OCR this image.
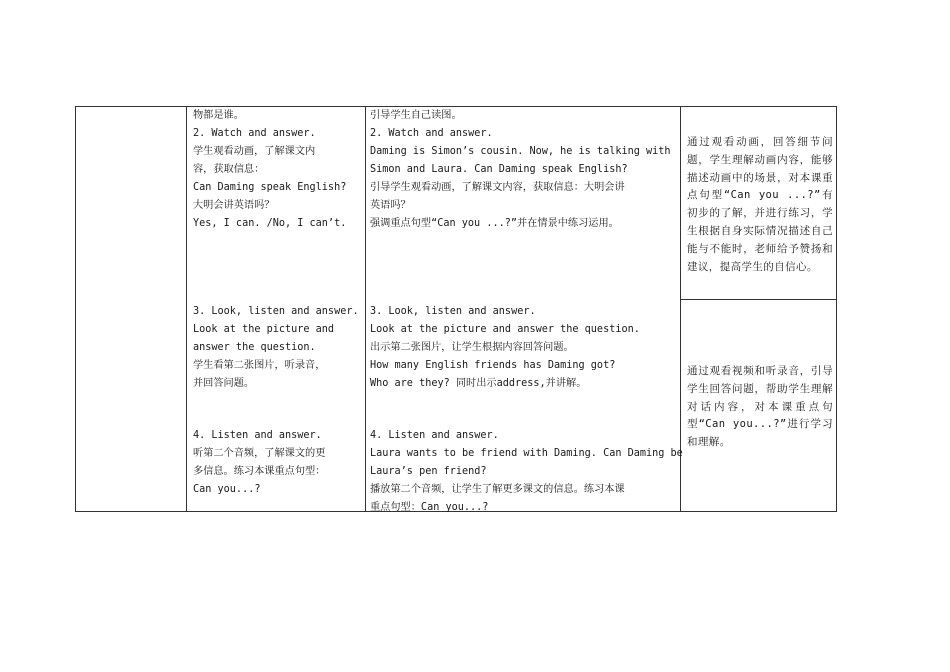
物都是谁。
2. Watch and answer.
学生观看动画，了解课文内
容，获取信息：
Can Daming speak English?
大明会讲英语吗？
Yes, I can. /No, I can’t.
3. Look, listen and answer.
Look at the picture and
answer the question.
学生看第二张图片，听录音，
并回答问题。
4. Listen and answer.
听第二个音频，了解课文的更
多信息。练习本课重点句型：
Can you...?
引导学生自己读图。
2. Watch and answer.
Daming is Simon’s cousin. Now, he is talking with
Simon and Laura. Can Daming speak English?
引导学生观看动画，了解课文内容，获取信息：大明会讲
英语吗？
强调重点句型“Can you ...?”并在情景中练习运用。
3. Look, listen and answer.
Look at the picture and answer the question.
出示第二张图片，让学生根据内容回答问题。
How many English friends has Daming got?
Who are they? 同时出示address,并讲解。
4. Listen and answer.
Laura wants to be friend with Daming. Can Daming be
Laura’s pen friend?
播放第二个音频，让学生了解更多课文的信息。练习本课
重点句型：Can you...?
通过观看动画，回答细节问题，学生理解动画内容，能够描述动画中的场景，对本课重点句型“Can you ...?”有初步的了解，并进行练习，学生根据自身实际情况描述自己能与不能时，老师给予赞扬和建议，提高学生的自信心。
通过观看视频和听录音，引导学生回答问题，帮助学生理解对话内容，对本课重点句型“Can you...?”进行学习和理解。
